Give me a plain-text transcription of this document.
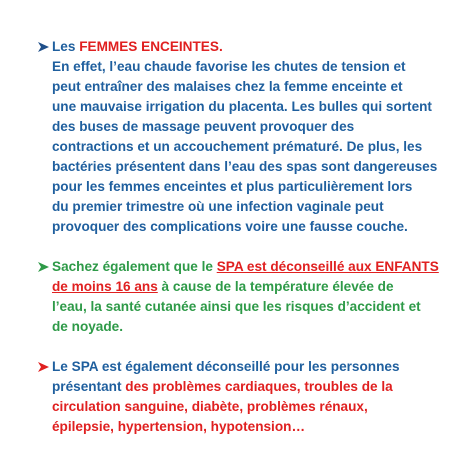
Les FEMMES ENCEINTES.
En effet, l’eau chaude favorise les chutes de tension et
peut entraîner des malaises chez la femme enceinte et
une mauvaise irrigation du placenta. Les bulles qui sortent
des buses de massage peuvent provoquer des
contractions et un accouchement prématuré. De plus, les
bactéries présentent dans l’eau des spas sont dangereuses
pour les femmes enceintes et plus particulièrement lors
du premier trimestre où une infection vaginale peut
provoquer des complications voire une fausse couche.
Sachez également que le SPA est déconseillé aux ENFANTS
de moins 16 ans à cause de la température élevée de
l’eau, la santé cutanée ainsi que les risques d’accident et
de noyade.
Le SPA est également déconseillé pour les personnes
présentant des problèmes cardiaques, troubles de la
circulation sanguine, diabète, problèmes rénaux,
épilepsie, hypertension, hypotension…
